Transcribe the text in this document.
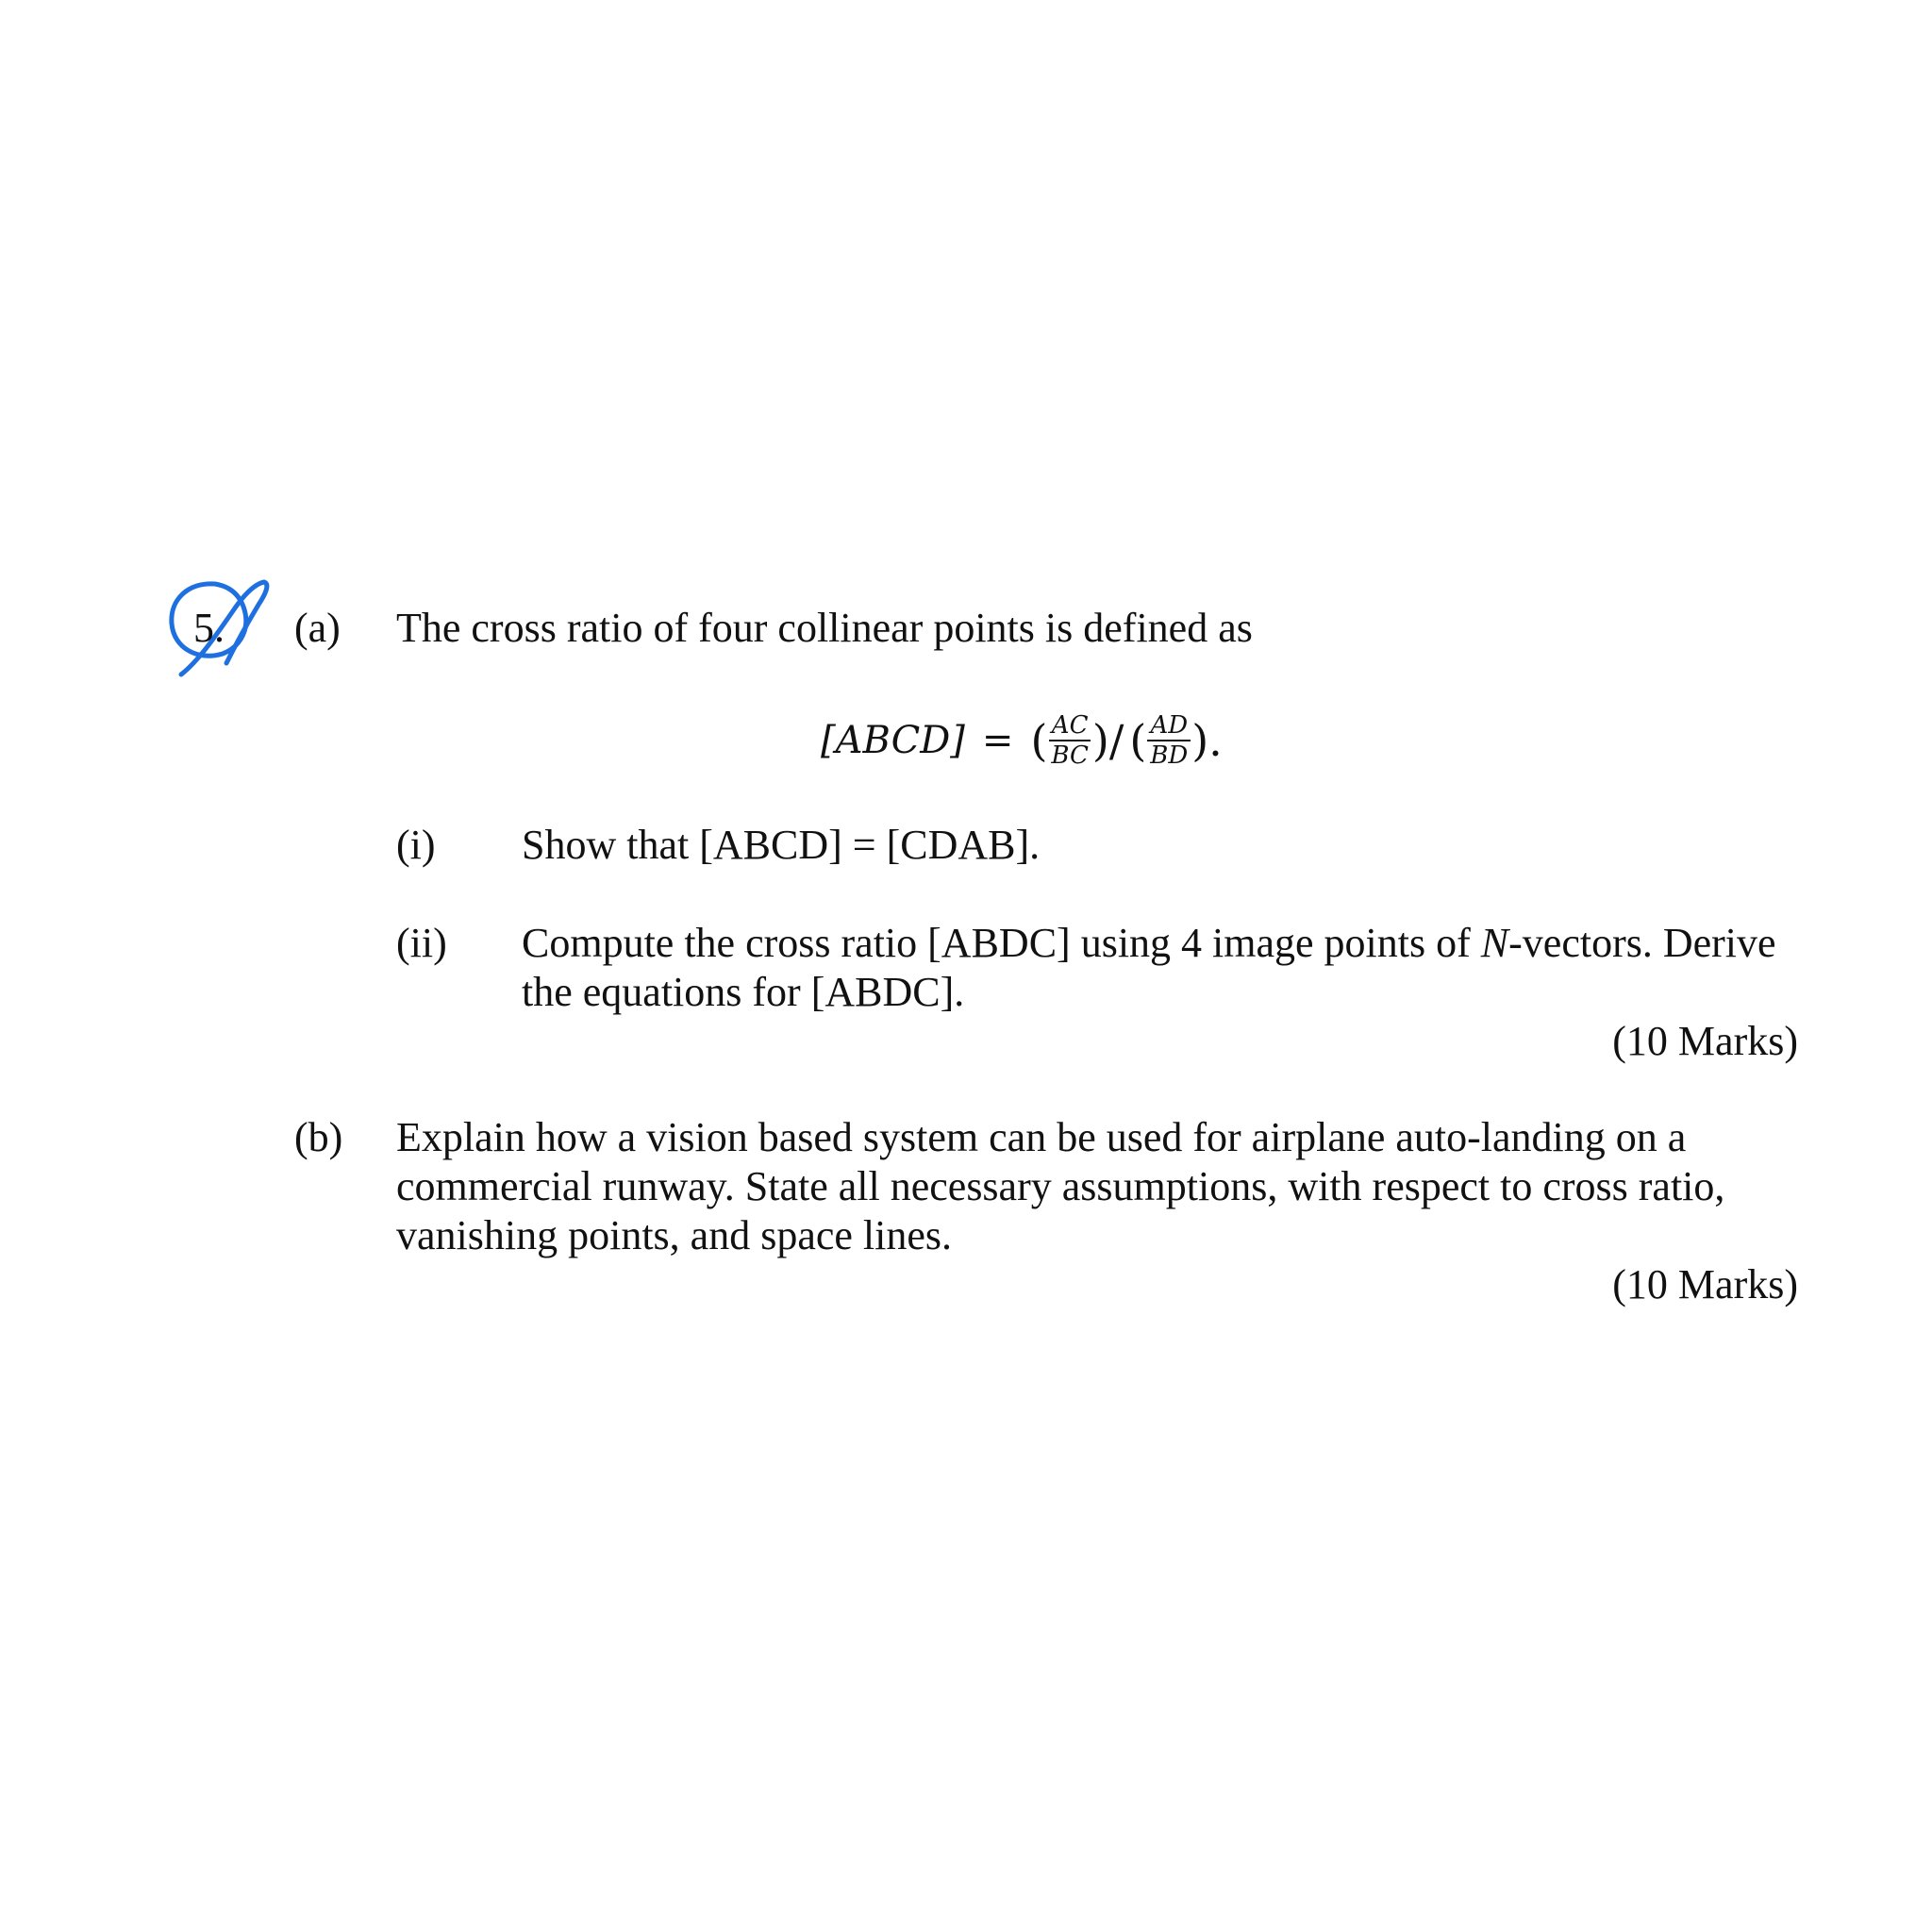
5. (a) The cross ratio of four collinear points is defined as
[ABCD] = ( $\frac{AC}{BC}$ )/ ( $\frac{AD}{BD}$ ).
(i) Show that [ABCD] = [CDAB].
(ii) Compute the cross ratio [ABDC] using 4 image points of N-vectors. Derive
the equations for [ABDC].
(10 Marks)
(b) Explain how a vision based system can be used for airplane auto-landing on a
commercial runway. State all necessary assumptions, with respect to cross ratio,
vanishing points, and space lines.
(10 Marks)
